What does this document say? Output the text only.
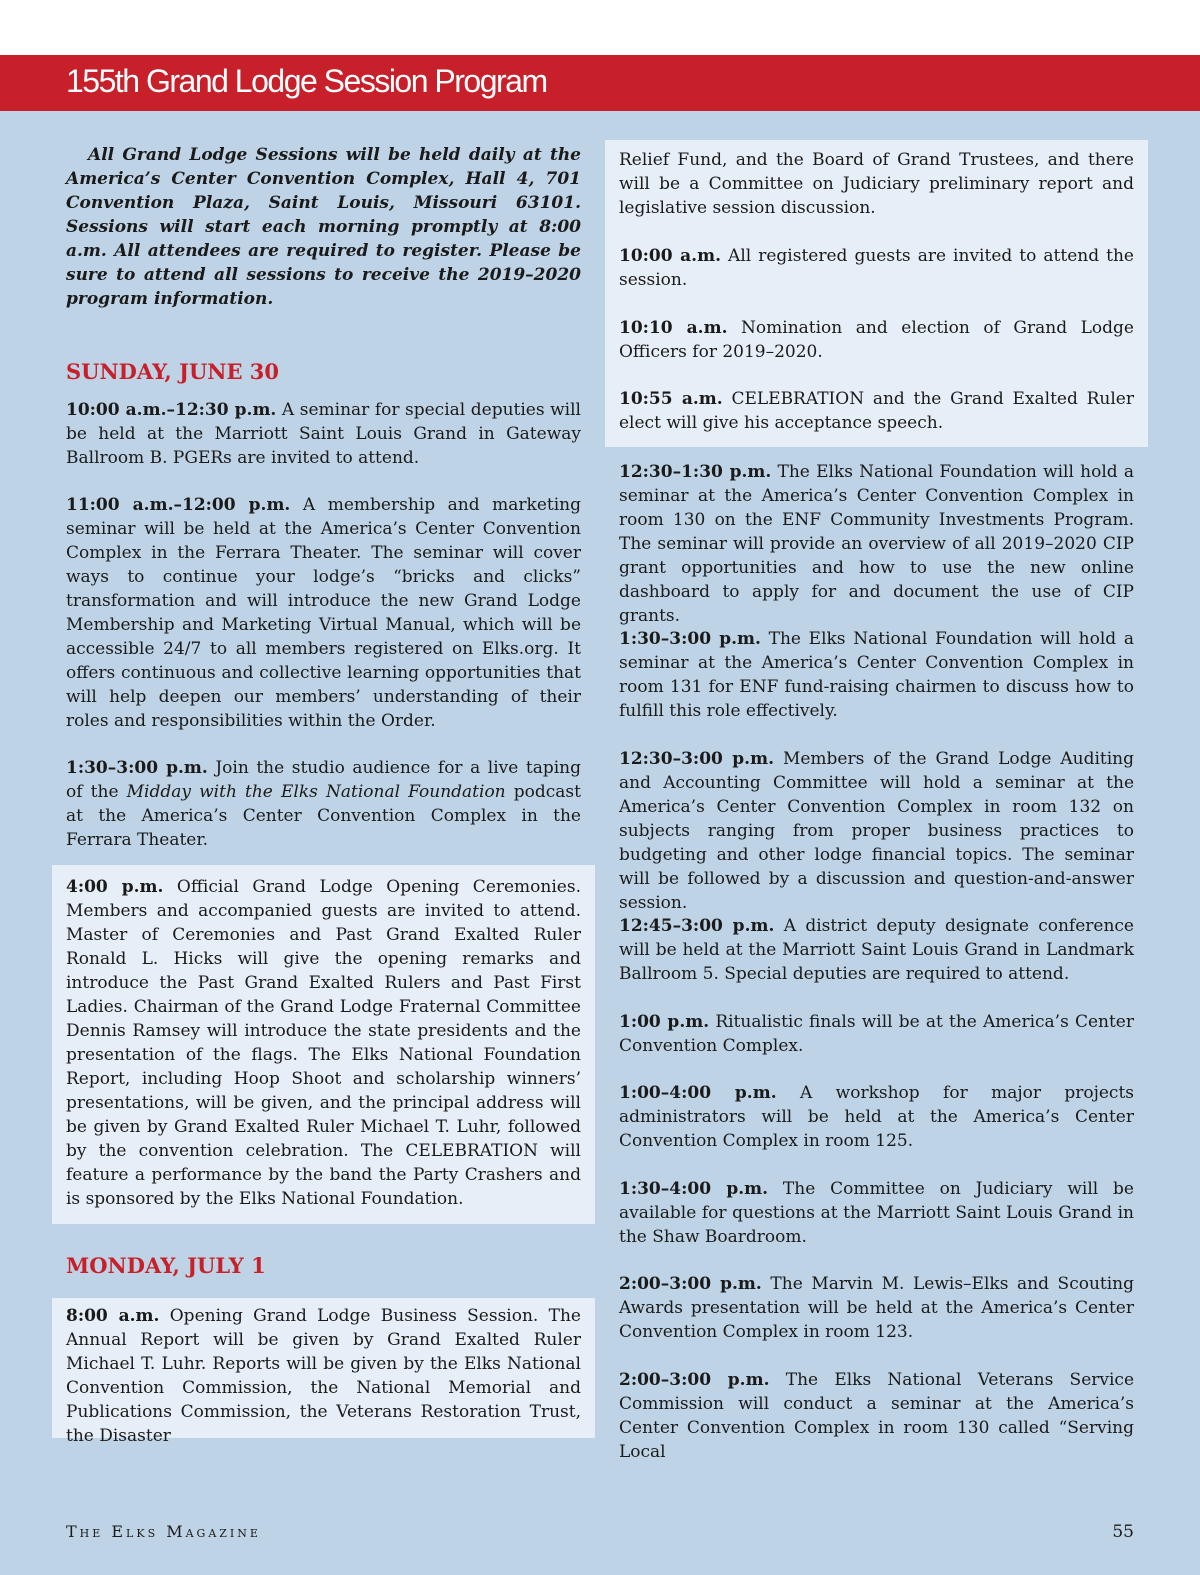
155th Grand Lodge Session Program
All Grand Lodge Sessions will be held daily at the America’s Center Convention Complex, Hall 4, 701 Convention Plaza, Saint Louis, Missouri 63101. Sessions will start each morning promptly at 8:00 a.m. All attendees are required to register. Please be sure to attend all sessions to receive the 2019–2020 program information.
SUNDAY, JUNE 30

10:00 a.m.–12:30 p.m. A seminar for special deputies will be held at the Marriott Saint Louis Grand in Gateway Ballroom B. PGERs are invited to attend.

11:00 a.m.–12:00 p.m. A membership and marketing seminar will be held at the America’s Center Convention Complex in the Ferrara Theater. The seminar will cover ways to continue your lodge’s “bricks and clicks” transformation and will introduce the new Grand Lodge Membership and Marketing Virtual Manual, which will be accessible 24/7 to all members registered on Elks.org. It offers continuous and collective learning opportunities that will help deepen our members’ understanding of their roles and responsibilities within the Order.

1:30–3:00 p.m. Join the studio audience for a live taping of the Midday with the Elks National Foundation podcast at the America’s Center Convention Complex in the Ferrara Theater.

4:00 p.m. Official Grand Lodge Opening Ceremonies. Members and accompanied guests are invited to attend. Master of Ceremonies and Past Grand Exalted Ruler Ronald L. Hicks will give the opening remarks and introduce the Past Grand Exalted Rulers and Past First Ladies. Chairman of the Grand Lodge Fraternal Committee Dennis Ramsey will introduce the state presidents and the presentation of the flags. The Elks National Foundation Report, including Hoop Shoot and scholarship winners’ presentations, will be given, and the principal address will be given by Grand Exalted Ruler Michael T. Luhr, followed by the convention celebration. The CELEBRATION will feature a performance by the band the Party Crashers and is sponsored by the Elks National Foundation.

MONDAY, JULY 1

8:00 a.m. Opening Grand Lodge Business Session. The Annual Report will be given by Grand Exalted Ruler Michael T. Luhr. Reports will be given by the Elks National Convention Commission, the National Memorial and Publications Commission, the Veterans Restoration Trust, the Disaster

Relief Fund, and the Board of Grand Trustees, and there will be a Committee on Judiciary preliminary report and legislative session discussion.

10:00 a.m. All registered guests are invited to attend the session.

10:10 a.m. Nomination and election of Grand Lodge Officers for 2019–2020.

10:55 a.m. CELEBRATION and the Grand Exalted Ruler elect will give his acceptance speech.

12:30–1:30 p.m. The Elks National Foundation will hold a seminar at the America’s Center Convention Complex in room 130 on the ENF Community Investments Program. The seminar will provide an overview of all 2019–2020 CIP grant opportunities and how to use the new online dashboard to apply for and document the use of CIP grants.

1:30–3:00 p.m. The Elks National Foundation will hold a seminar at the America’s Center Convention Complex in room 131 for ENF fund-raising chairmen to discuss how to fulfill this role effectively.

12:30–3:00 p.m. Members of the Grand Lodge Auditing and Accounting Committee will hold a seminar at the America’s Center Convention Complex in room 132 on subjects ranging from proper business practices to budgeting and other lodge financial topics. The seminar will be followed by a discussion and question-and-answer session.

12:45–3:00 p.m. A district deputy designate conference will be held at the Marriott Saint Louis Grand in Landmark Ballroom 5. Special deputies are required to attend.

1:00 p.m. Ritualistic finals will be at the America’s Center Convention Complex.

1:00–4:00 p.m. A workshop for major projects administrators will be held at the America’s Center Convention Complex in room 125.

1:30–4:00 p.m. The Committee on Judiciary will be available for questions at the Marriott Saint Louis Grand in the Shaw Boardroom.

2:00–3:00 p.m. The Marvin M. Lewis–Elks and Scouting Awards presentation will be held at the America’s Center Convention Complex in room 123.

2:00–3:00 p.m. The Elks National Veterans Service Commission will conduct a seminar at the America’s Center Convention Complex in room 130 called “Serving Local

The Elks Magazine	55
